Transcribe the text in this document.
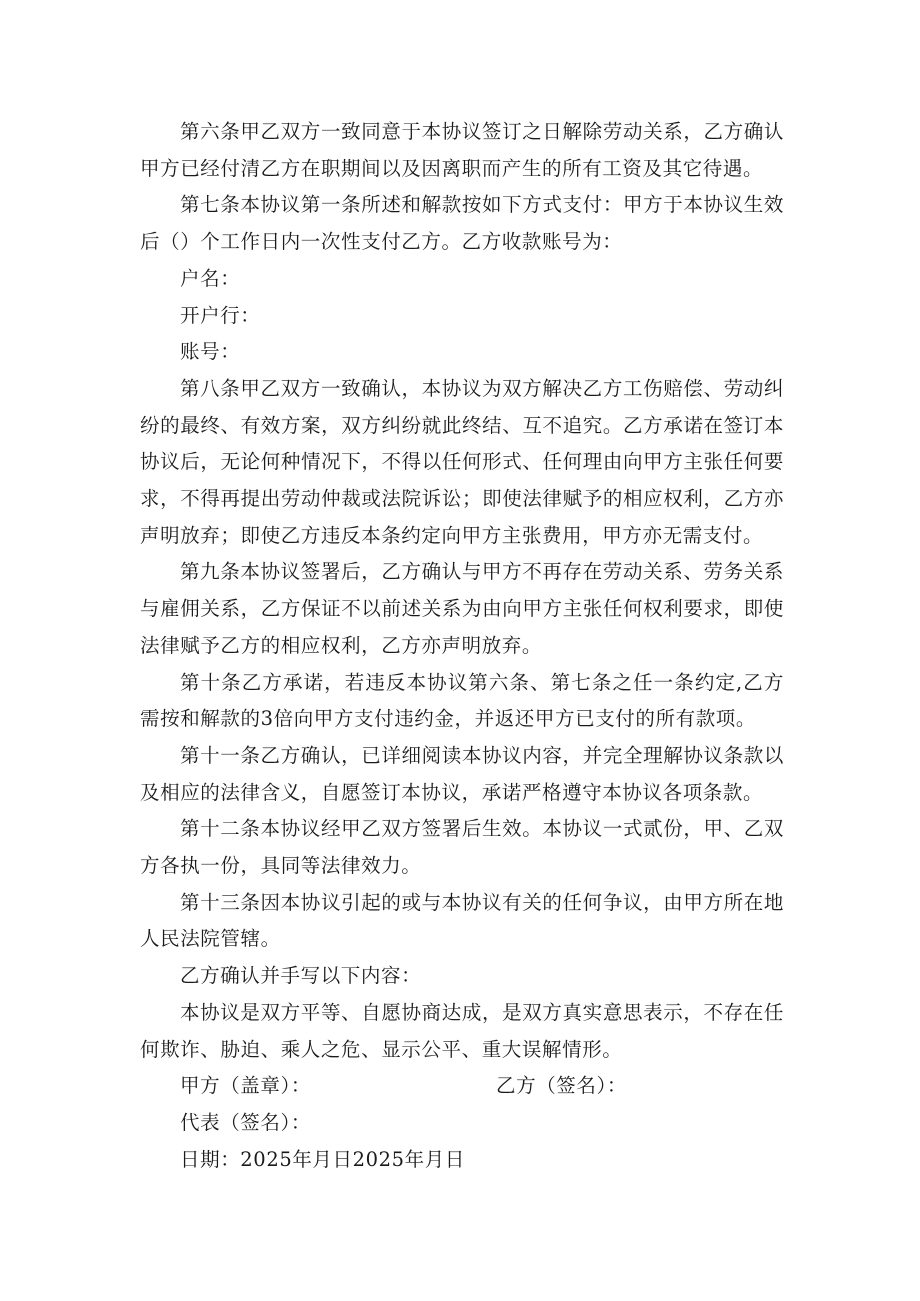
第六条甲乙双方一致同意于本协议签订之日解除劳动关系，乙方确认甲方已经付清乙方在职期间以及因离职而产生的所有工资及其它待遇。

第七条本协议第一条所述和解款按如下方式支付：甲方于本协议生效后（）个工作日内一次性支付乙方。乙方收款账号为：

户名：

开户行：

账号：

第八条甲乙双方一致确认，本协议为双方解决乙方工伤赔偿、劳动纠纷的最终、有效方案，双方纠纷就此终结、互不追究。乙方承诺在签订本协议后，无论何种情况下，不得以任何形式、任何理由向甲方主张任何要求，不得再提出劳动仲裁或法院诉讼；即使法律赋予的相应权利，乙方亦声明放弃；即使乙方违反本条约定向甲方主张费用，甲方亦无需支付。

第九条本协议签署后，乙方确认与甲方不再存在劳动关系、劳务关系与雇佣关系，乙方保证不以前述关系为由向甲方主张任何权利要求，即使法律赋予乙方的相应权利，乙方亦声明放弃。

第十条乙方承诺，若违反本协议第六条、第七条之任一条约定,乙方需按和解款的3倍向甲方支付违约金，并返还甲方已支付的所有款项。

第十一条乙方确认，已详细阅读本协议内容，并完全理解协议条款以及相应的法律含义，自愿签订本协议，承诺严格遵守本协议各项条款。

第十二条本协议经甲乙双方签署后生效。本协议一式贰份，甲、乙双方各执一份，具同等法律效力。

第十三条因本协议引起的或与本协议有关的任何争议，由甲方所在地人民法院管辖。

乙方确认并手写以下内容：

本协议是双方平等、自愿协商达成，是双方真实意思表示，不存在任何欺诈、胁迫、乘人之危、显示公平、重大误解情形。

甲方（盖章）：	乙方（签名）：
代表（签名）：
日期：2025年月日2025年月日
